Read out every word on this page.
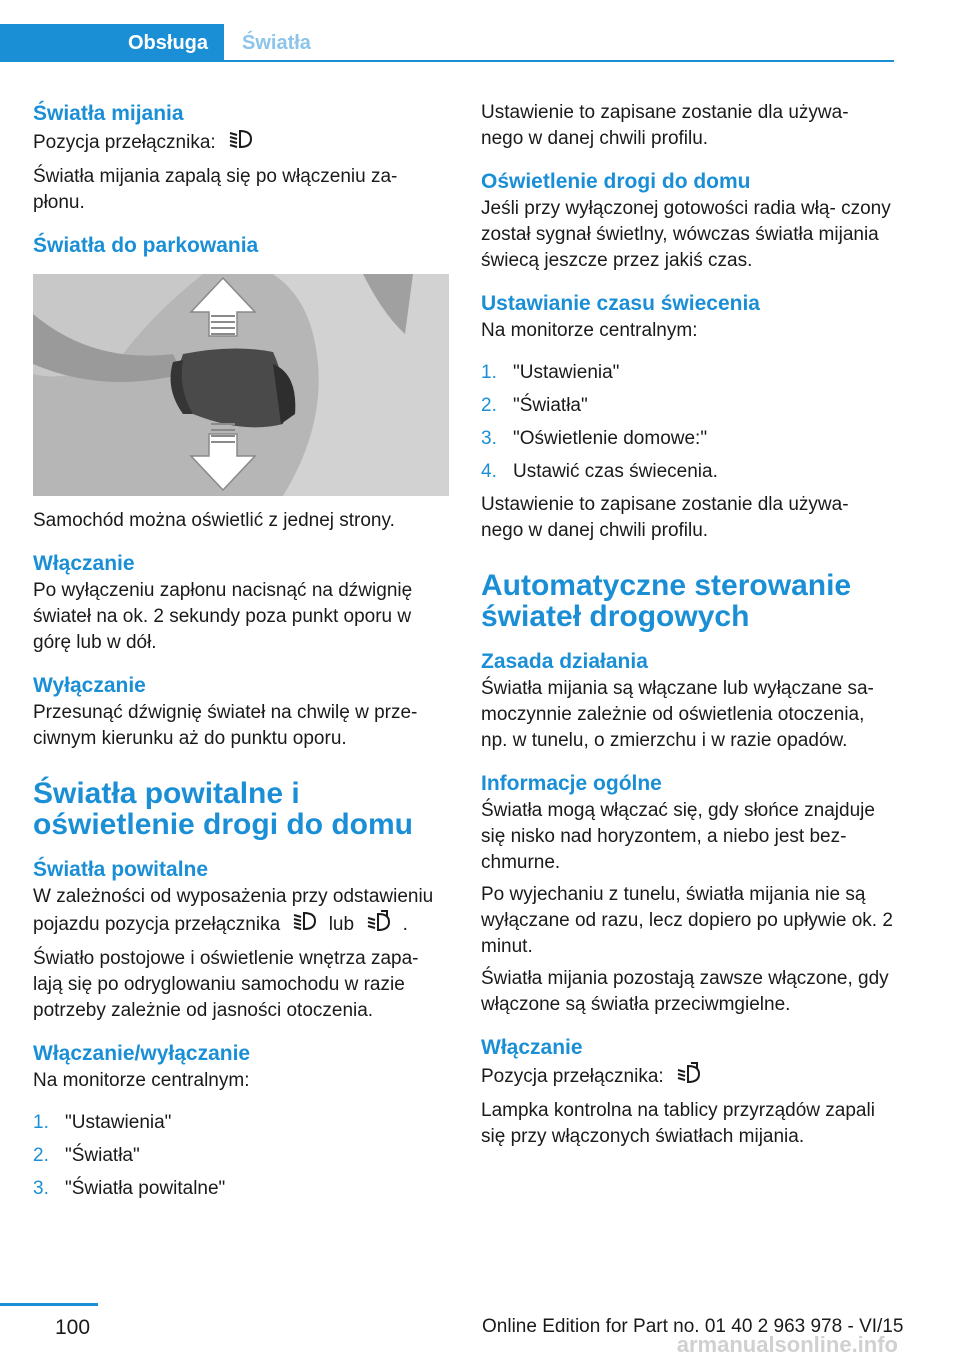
Obsługa	Światła
Światła mijania

Pozycja przełącznika:

Światła mijania zapalą się po włączeniu za‐ płonu.

Światła do parkowania

Samochód można oświetlić z jednej strony.

Włączanie

Po wyłączeniu zapłonu nacisnąć na dźwignię świateł na ok. 2 sekundy poza punkt oporu w górę lub w dół.

Wyłączanie

Przesunąć dźwignię świateł na chwilę w prze‐ ciwnym kierunku aż do punktu oporu.

Światła powitalne i oświetlenie drogi do domu
Światła powitalne

W zależności od wyposażenia przy odstawieniu pojazdu pozycja przełącznika	lub	.

Światło postojowe i oświetlenie wnętrza zapa‐ lają się po odryglowaniu samochodu w razie potrzeby zależnie od jasności otoczenia.

Włączanie/wyłączanie

Na monitorze centralnym:

1. "Ustawienia"
2. "Światła"
3. "Światła powitalne"

Ustawienie to zapisane zostanie dla używa‐ nego w danej chwili profilu.

Oświetlenie drogi do domu

Jeśli przy wyłączonej gotowości radia włą‐ czony został sygnał świetlny, wówczas światła mijania świecą jeszcze przez jakiś czas.

Ustawianie czasu świecenia

Na monitorze centralnym:

1. "Ustawienia"
2. "Światła"
3. "Oświetlenie domowe:"
4. Ustawić czas świecenia.

Ustawienie to zapisane zostanie dla używa‐ nego w danej chwili profilu.

Automatyczne sterowanie świateł drogowych
Zasada działania

Światła mijania są włączane lub wyłączane sa‐ moczynnie zależnie od oświetlenia otoczenia, np. w tunelu, o zmierzchu i w razie opadów.

Informacje ogólne

Światła mogą włączać się, gdy słońce znajduje się nisko nad horyzontem, a niebo jest bez‐ chmurne.

Po wyjechaniu z tunelu, światła mijania nie są wyłączane od razu, lecz dopiero po upływie ok. 2 minut.

Światła mijania pozostają zawsze włączone, gdy włączone są światła przeciwmgielne.

Włączanie

Pozycja przełącznika:

Lampka kontrolna na tablicy przyrządów zapali się przy włączonych światłach mijania.

100	Online Edition for Part no. 01 40 2 963 978 - VI/15
armanualsonline.info
